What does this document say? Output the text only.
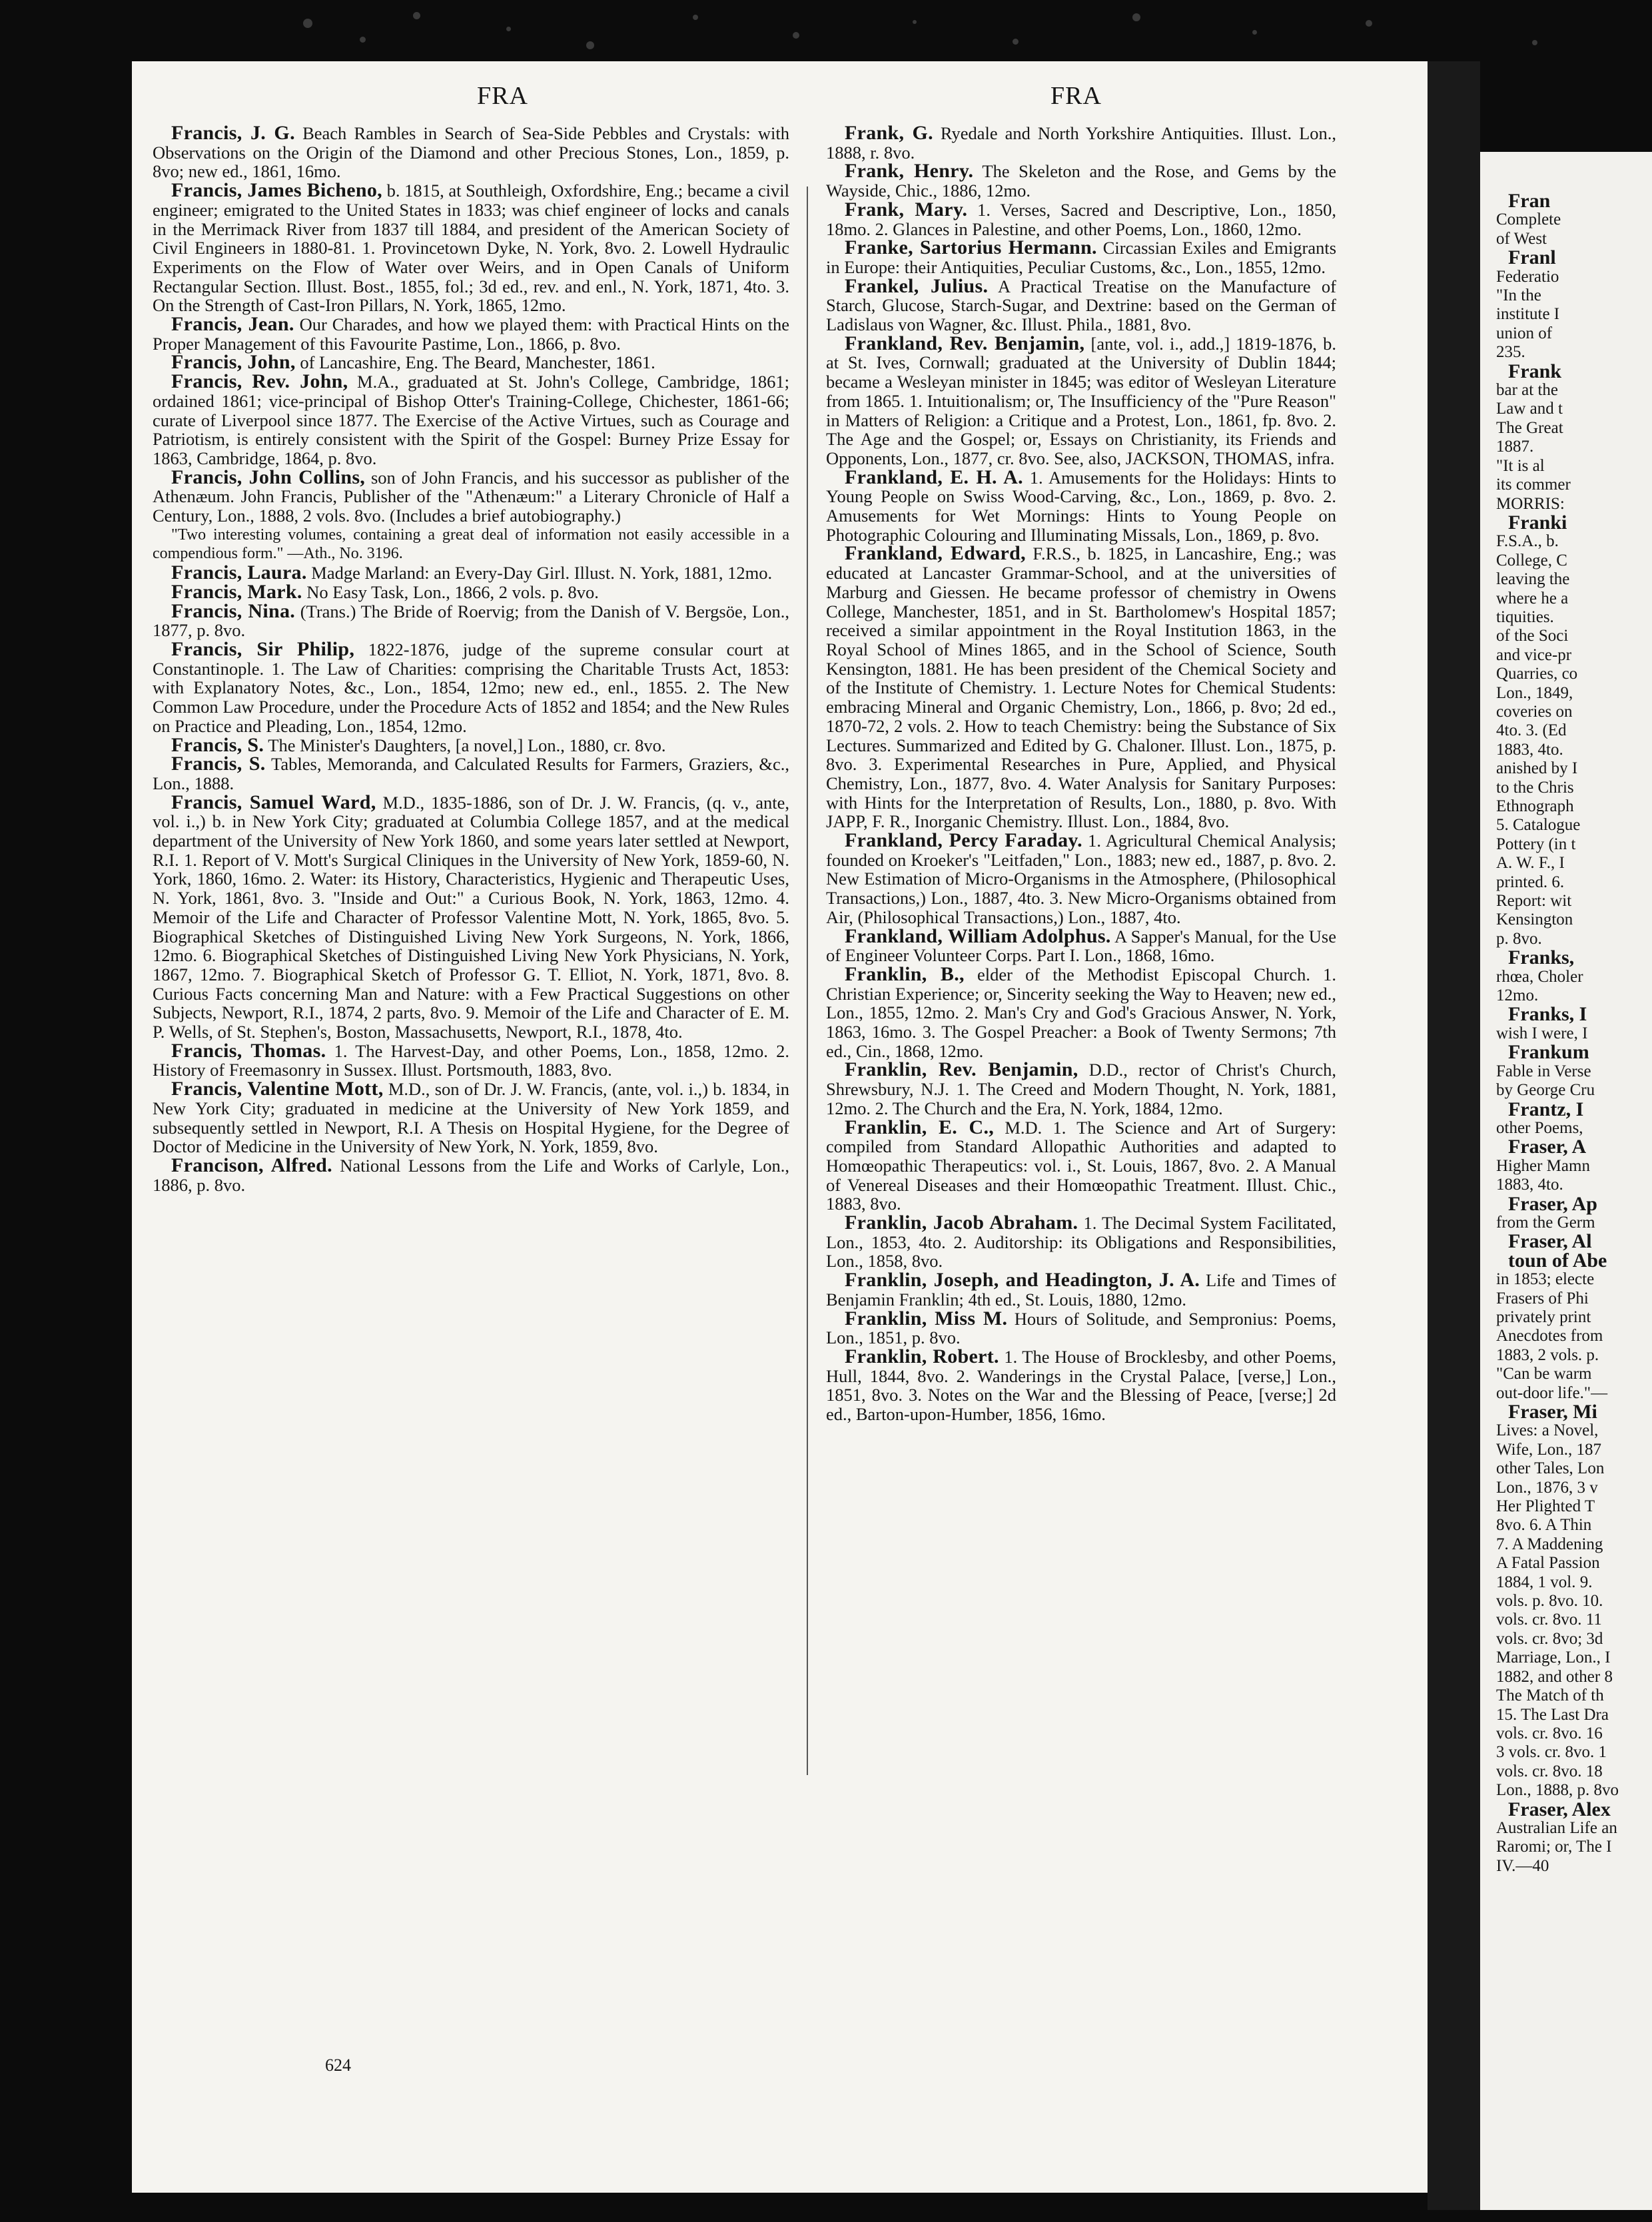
Fran
Complete
of West
Franl
Federatio
"In the
institute I
union of
235.
Frank
bar at the
Law and t
The Great
1887.
"It is al
its commer
MORRIS:
Franki
F.S.A., b.
College, C
leaving the
where he a
tiquities.
of the Soci
and vice-pr
Quarries, co
Lon., 1849,
coveries on
4to. 3. (Ed
1883, 4to.
anished by I
to the Chris
Ethnograph
5. Catalogue
Pottery (in t
A. W. F., I
printed. 6.
Report: wit
Kensington
p. 8vo.
Franks,
rhœa, Choler
12mo.
Franks, I
wish I were, I
Frankum
Fable in Verse
by George Cru
Frantz, I
other Poems,
Fraser, A
Higher Mamn
1883, 4to.
Fraser, Ap
from the Germ
Fraser, Al
toun of Abe
in 1853; electe
Frasers of Phi
privately print
Anecdotes from
1883, 2 vols. p.
"Can be warm
out-door life."—
Fraser, Mi
Lives: a Novel,
Wife, Lon., 187
other Tales, Lon
Lon., 1876, 3 v
Her Plighted T
8vo. 6. A Thin
7. A Maddening
A Fatal Passion
1884, 1 vol. 9.
vols. p. 8vo. 10.
vols. cr. 8vo. 11
vols. cr. 8vo; 3d
Marriage, Lon., I
1882, and other 8
The Match of th
15. The Last Dra
vols. cr. 8vo. 16
3 vols. cr. 8vo. 1
vols. cr. 8vo. 18
Lon., 1888, p. 8vo
Fraser, Alex
Australian Life an
Raromi; or, The I
IV.—40
FRA	FRA

Francis, J. G. Beach Rambles in Search of Sea-Side Pebbles and Crystals: with Observations on the Origin of the Diamond and other Precious Stones, Lon., 1859, p. 8vo; new ed., 1861, 16mo.

Francis, James Bicheno, b. 1815, at Southleigh, Oxfordshire, Eng.; became a civil engineer; emigrated to the United States in 1833; was chief engineer of locks and canals in the Merrimack River from 1837 till 1884, and president of the American Society of Civil Engineers in 1880-81. 1. Provincetown Dyke, N. York, 8vo. 2. Lowell Hydraulic Experiments on the Flow of Water over Weirs, and in Open Canals of Uniform Rectangular Section. Illust. Bost., 1855, fol.; 3d ed., rev. and enl., N. York, 1871, 4to. 3. On the Strength of Cast-Iron Pillars, N. York, 1865, 12mo.

Francis, Jean. Our Charades, and how we played them: with Practical Hints on the Proper Management of this Favourite Pastime, Lon., 1866, p. 8vo.

Francis, John, of Lancashire, Eng. The Beard, Manchester, 1861.

Francis, Rev. John, M.A., graduated at St. John's College, Cambridge, 1861; ordained 1861; vice-principal of Bishop Otter's Training-College, Chichester, 1861-66; curate of Liverpool since 1877. The Exercise of the Active Virtues, such as Courage and Patriotism, is entirely consistent with the Spirit of the Gospel: Burney Prize Essay for 1863, Cambridge, 1864, p. 8vo.

Francis, John Collins, son of John Francis, and his successor as publisher of the Athenæum. John Francis, Publisher of the "Athenæum:" a Literary Chronicle of Half a Century, Lon., 1888, 2 vols. 8vo. (Includes a brief autobiography.)

"Two interesting volumes, containing a great deal of information not easily accessible in a compendious form." —Ath., No. 3196.

Francis, Laura. Madge Marland: an Every-Day Girl. Illust. N. York, 1881, 12mo.

Francis, Mark. No Easy Task, Lon., 1866, 2 vols. p. 8vo.

Francis, Nina. (Trans.) The Bride of Roervig; from the Danish of V. Bergsöe, Lon., 1877, p. 8vo.

Francis, Sir Philip, 1822-1876, judge of the supreme consular court at Constantinople. 1. The Law of Charities: comprising the Charitable Trusts Act, 1853: with Explanatory Notes, &c., Lon., 1854, 12mo; new ed., enl., 1855. 2. The New Common Law Procedure, under the Procedure Acts of 1852 and 1854; and the New Rules on Practice and Pleading, Lon., 1854, 12mo.

Francis, S. The Minister's Daughters, [a novel,] Lon., 1880, cr. 8vo.

Francis, S. Tables, Memoranda, and Calculated Results for Farmers, Graziers, &c., Lon., 1888.

Francis, Samuel Ward, M.D., 1835-1886, son of Dr. J. W. Francis, (q. v., ante, vol. i.,) b. in New York City; graduated at Columbia College 1857, and at the medical department of the University of New York 1860, and some years later settled at Newport, R.I. 1. Report of V. Mott's Surgical Cliniques in the University of New York, 1859-60, N. York, 1860, 16mo. 2. Water: its History, Characteristics, Hygienic and Therapeutic Uses, N. York, 1861, 8vo. 3. "Inside and Out:" a Curious Book, N. York, 1863, 12mo. 4. Memoir of the Life and Character of Professor Valentine Mott, N. York, 1865, 8vo. 5. Biographical Sketches of Distinguished Living New York Surgeons, N. York, 1866, 12mo. 6. Biographical Sketches of Distinguished Living New York Physicians, N. York, 1867, 12mo. 7. Biographical Sketch of Professor G. T. Elliot, N. York, 1871, 8vo. 8. Curious Facts concerning Man and Nature: with a Few Practical Suggestions on other Subjects, Newport, R.I., 1874, 2 parts, 8vo. 9. Memoir of the Life and Character of E. M. P. Wells, of St. Stephen's, Boston, Massachusetts, Newport, R.I., 1878, 4to.

Francis, Thomas. 1. The Harvest-Day, and other Poems, Lon., 1858, 12mo. 2. History of Freemasonry in Sussex. Illust. Portsmouth, 1883, 8vo.

Francis, Valentine Mott, M.D., son of Dr. J. W. Francis, (ante, vol. i.,) b. 1834, in New York City; graduated in medicine at the University of New York 1859, and subsequently settled in Newport, R.I. A Thesis on Hospital Hygiene, for the Degree of Doctor of Medicine in the University of New York, N. York, 1859, 8vo.

Francison, Alfred. National Lessons from the Life and Works of Carlyle, Lon., 1886, p. 8vo.

Frank, G. Ryedale and North Yorkshire Antiquities. Illust. Lon., 1888, r. 8vo.

Frank, Henry. The Skeleton and the Rose, and Gems by the Wayside, Chic., 1886, 12mo.

Frank, Mary. 1. Verses, Sacred and Descriptive, Lon., 1850, 18mo. 2. Glances in Palestine, and other Poems, Lon., 1860, 12mo.

Franke, Sartorius Hermann. Circassian Exiles and Emigrants in Europe: their Antiquities, Peculiar Customs, &c., Lon., 1855, 12mo.

Frankel, Julius. A Practical Treatise on the Manufacture of Starch, Glucose, Starch-Sugar, and Dextrine: based on the German of Ladislaus von Wagner, &c. Illust. Phila., 1881, 8vo.

Frankland, Rev. Benjamin, [ante, vol. i., add.,] 1819-1876, b. at St. Ives, Cornwall; graduated at the University of Dublin 1844; became a Wesleyan minister in 1845; was editor of Wesleyan Literature from 1865. 1. Intuitionalism; or, The Insufficiency of the "Pure Reason" in Matters of Religion: a Critique and a Protest, Lon., 1861, fp. 8vo. 2. The Age and the Gospel; or, Essays on Christianity, its Friends and Opponents, Lon., 1877, cr. 8vo. See, also, JACKSON, THOMAS, infra.

Frankland, E. H. A. 1. Amusements for the Holidays: Hints to Young People on Swiss Wood-Carving, &c., Lon., 1869, p. 8vo. 2. Amusements for Wet Mornings: Hints to Young People on Photographic Colouring and Illuminating Missals, Lon., 1869, p. 8vo.

Frankland, Edward, F.R.S., b. 1825, in Lancashire, Eng.; was educated at Lancaster Grammar-School, and at the universities of Marburg and Giessen. He became professor of chemistry in Owens College, Manchester, 1851, and in St. Bartholomew's Hospital 1857; received a similar appointment in the Royal Institution 1863, in the Royal School of Mines 1865, and in the School of Science, South Kensington, 1881. He has been president of the Chemical Society and of the Institute of Chemistry. 1. Lecture Notes for Chemical Students: embracing Mineral and Organic Chemistry, Lon., 1866, p. 8vo; 2d ed., 1870-72, 2 vols. 2. How to teach Chemistry: being the Substance of Six Lectures. Summarized and Edited by G. Chaloner. Illust. Lon., 1875, p. 8vo. 3. Experimental Researches in Pure, Applied, and Physical Chemistry, Lon., 1877, 8vo. 4. Water Analysis for Sanitary Purposes: with Hints for the Interpretation of Results, Lon., 1880, p. 8vo. With JAPP, F. R., Inorganic Chemistry. Illust. Lon., 1884, 8vo.

Frankland, Percy Faraday. 1. Agricultural Chemical Analysis; founded on Kroeker's "Leitfaden," Lon., 1883; new ed., 1887, p. 8vo. 2. New Estimation of Micro-Organisms in the Atmosphere, (Philosophical Transactions,) Lon., 1887, 4to. 3. New Micro-Organisms obtained from Air, (Philosophical Transactions,) Lon., 1887, 4to.

Frankland, William Adolphus. A Sapper's Manual, for the Use of Engineer Volunteer Corps. Part I. Lon., 1868, 16mo.

Franklin, B., elder of the Methodist Episcopal Church. 1. Christian Experience; or, Sincerity seeking the Way to Heaven; new ed., Lon., 1855, 12mo. 2. Man's Cry and God's Gracious Answer, N. York, 1863, 16mo. 3. The Gospel Preacher: a Book of Twenty Sermons; 7th ed., Cin., 1868, 12mo.

Franklin, Rev. Benjamin, D.D., rector of Christ's Church, Shrewsbury, N.J. 1. The Creed and Modern Thought, N. York, 1881, 12mo. 2. The Church and the Era, N. York, 1884, 12mo.

Franklin, E. C., M.D. 1. The Science and Art of Surgery: compiled from Standard Allopathic Authorities and adapted to Homœopathic Therapeutics: vol. i., St. Louis, 1867, 8vo. 2. A Manual of Venereal Diseases and their Homœopathic Treatment. Illust. Chic., 1883, 8vo.

Franklin, Jacob Abraham. 1. The Decimal System Facilitated, Lon., 1853, 4to. 2. Auditorship: its Obligations and Responsibilities, Lon., 1858, 8vo.

Franklin, Joseph, and Headington, J. A. Life and Times of Benjamin Franklin; 4th ed., St. Louis, 1880, 12mo.

Franklin, Miss M. Hours of Solitude, and Sempronius: Poems, Lon., 1851, p. 8vo.

Franklin, Robert. 1. The House of Brocklesby, and other Poems, Hull, 1844, 8vo. 2. Wanderings in the Crystal Palace, [verse,] Lon., 1851, 8vo. 3. Notes on the War and the Blessing of Peace, [verse;] 2d ed., Barton-upon-Humber, 1856, 16mo.

624
